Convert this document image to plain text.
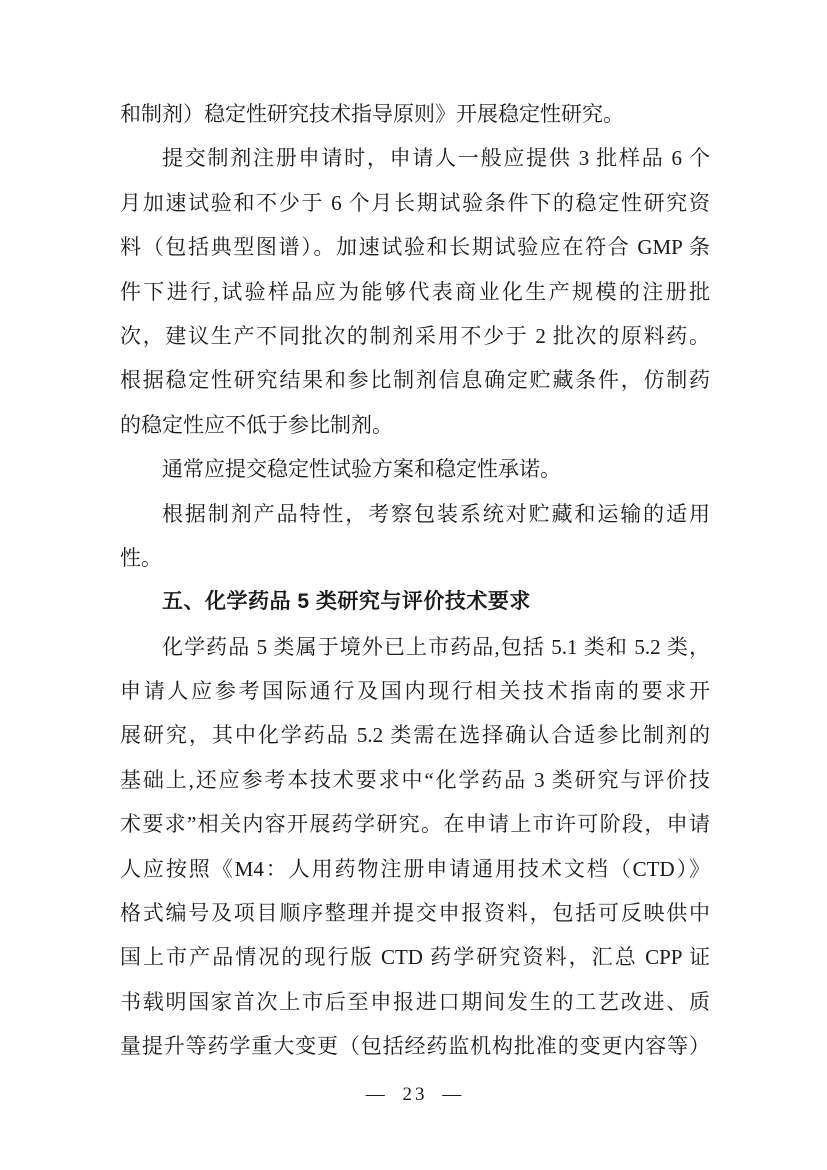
和制剂）稳定性研究技术指导原则》开展稳定性研究。
提交制剂注册申请时，申请人一般应提供 3 批样品 6 个
月加速试验和不少于 6 个月长期试验条件下的稳定性研究资
料（包括典型图谱）。加速试验和长期试验应在符合 GMP 条
件下进行,试验样品应为能够代表商业化生产规模的注册批
次，建议生产不同批次的制剂采用不少于 2 批次的原料药。
根据稳定性研究结果和参比制剂信息确定贮藏条件，仿制药
的稳定性应不低于参比制剂。
通常应提交稳定性试验方案和稳定性承诺。
根据制剂产品特性，考察包装系统对贮藏和运输的适用
性。
五、化学药品 5 类研究与评价技术要求
化学药品 5 类属于境外已上市药品,包括 5.1 类和 5.2 类，
申请人应参考国际通行及国内现行相关技术指南的要求开
展研究，其中化学药品 5.2 类需在选择确认合适参比制剂的
基础上,还应参考本技术要求中“化学药品 3 类研究与评价技
术要求”相关内容开展药学研究。在申请上市许可阶段，申请
人应按照《M4：人用药物注册申请通用技术文档（CTD）》
格式编号及项目顺序整理并提交申报资料，包括可反映供中
国上市产品情况的现行版 CTD 药学研究资料，汇总 CPP 证
书载明国家首次上市后至申报进口期间发生的工艺改进、质
量提升等药学重大变更（包括经药监机构批准的变更内容等）
— 23 —
